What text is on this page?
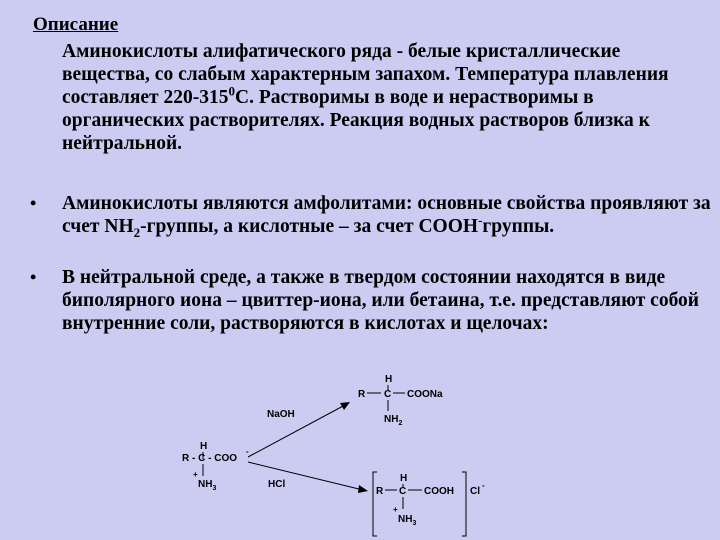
Описание

Аминокислоты алифатического ряда - белые кристаллические вещества, со слабым характерным запахом. Температура плавления составляет $220-315^0С$. Растворимы в воде и нерастворимы в органических растворителях. Реакция водных растворов близка к нейтральной.

• Аминокислоты являются амфолитами: основные свойства проявляют за счет $NH_2$-группы, а кислотные – за счет COOH-группы.

• В нейтральной среде, а также в твердом состоянии находятся в виде биполярного иона – цвиттер-иона, или бетаина, т.е. представляют собой внутренние соли, растворяются в кислотах и щелочах:

H
R - C - COO
-
+
$NH_3$
NaOH
HCl
H
R C COONa
$NH_2$
H
R C COOH Cl
-
+
$NH_3$
